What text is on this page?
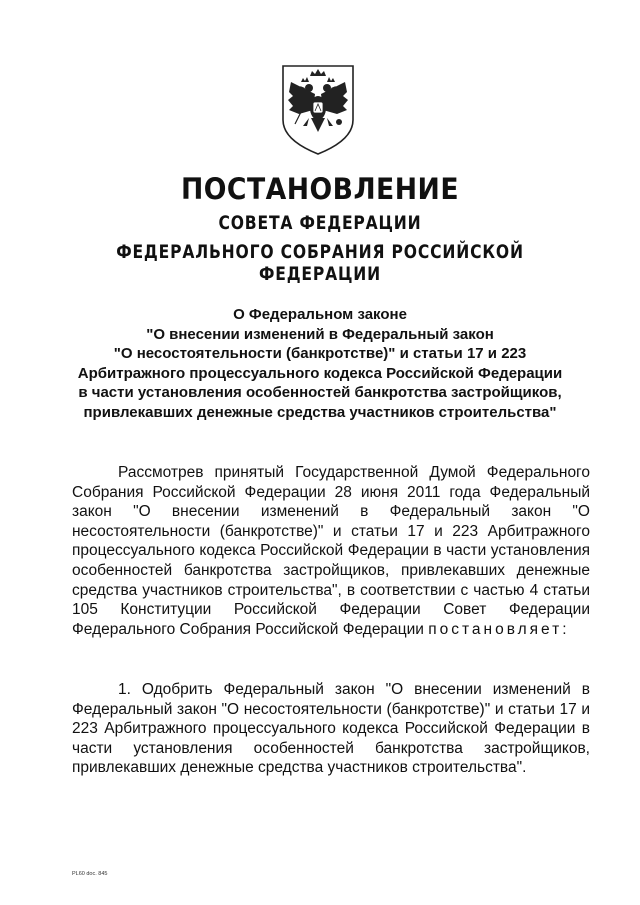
ПОСТАНОВЛЕНИЕ
СОВЕТА ФЕДЕРАЦИИ
ФЕДЕРАЛЬНОГО СОБРАНИЯ РОССИЙСКОЙ ФЕДЕРАЦИИ
О Федеральном законе
"О внесении изменений в Федеральный закон
"О несостоятельности (банкротстве)" и статьи 17 и 223
Арбитражного процессуального кодекса Российской Федерации
в части установления особенностей банкротства застройщиков,
привлекавших денежные средства участников строительства"
Рассмотрев принятый Государственной Думой Федерального Собрания Российской Федерации 28 июня 2011 года Федеральный закон "О внесении изменений в Федеральный закон "О несостоятельности (банкротстве)" и статьи 17 и 223 Арбитражного процессуального кодекса Российской Федерации в части установления особенностей банкротства застройщиков, привлекавших денежные средства участников строительства", в соответствии с частью 4 статьи 105 Конституции Российской Федерации Совет Федерации Федерального Собрания Российской Федерации постановляет:
1. Одобрить Федеральный закон "О внесении изменений в Федеральный закон "О несостоятельности (банкротстве)" и статьи 17 и 223 Арбитражного процессуального кодекса Российской Федерации в части установления особенностей банкротства застройщиков, привлекавших денежные средства участников строительства".
PL60 doc. 845
